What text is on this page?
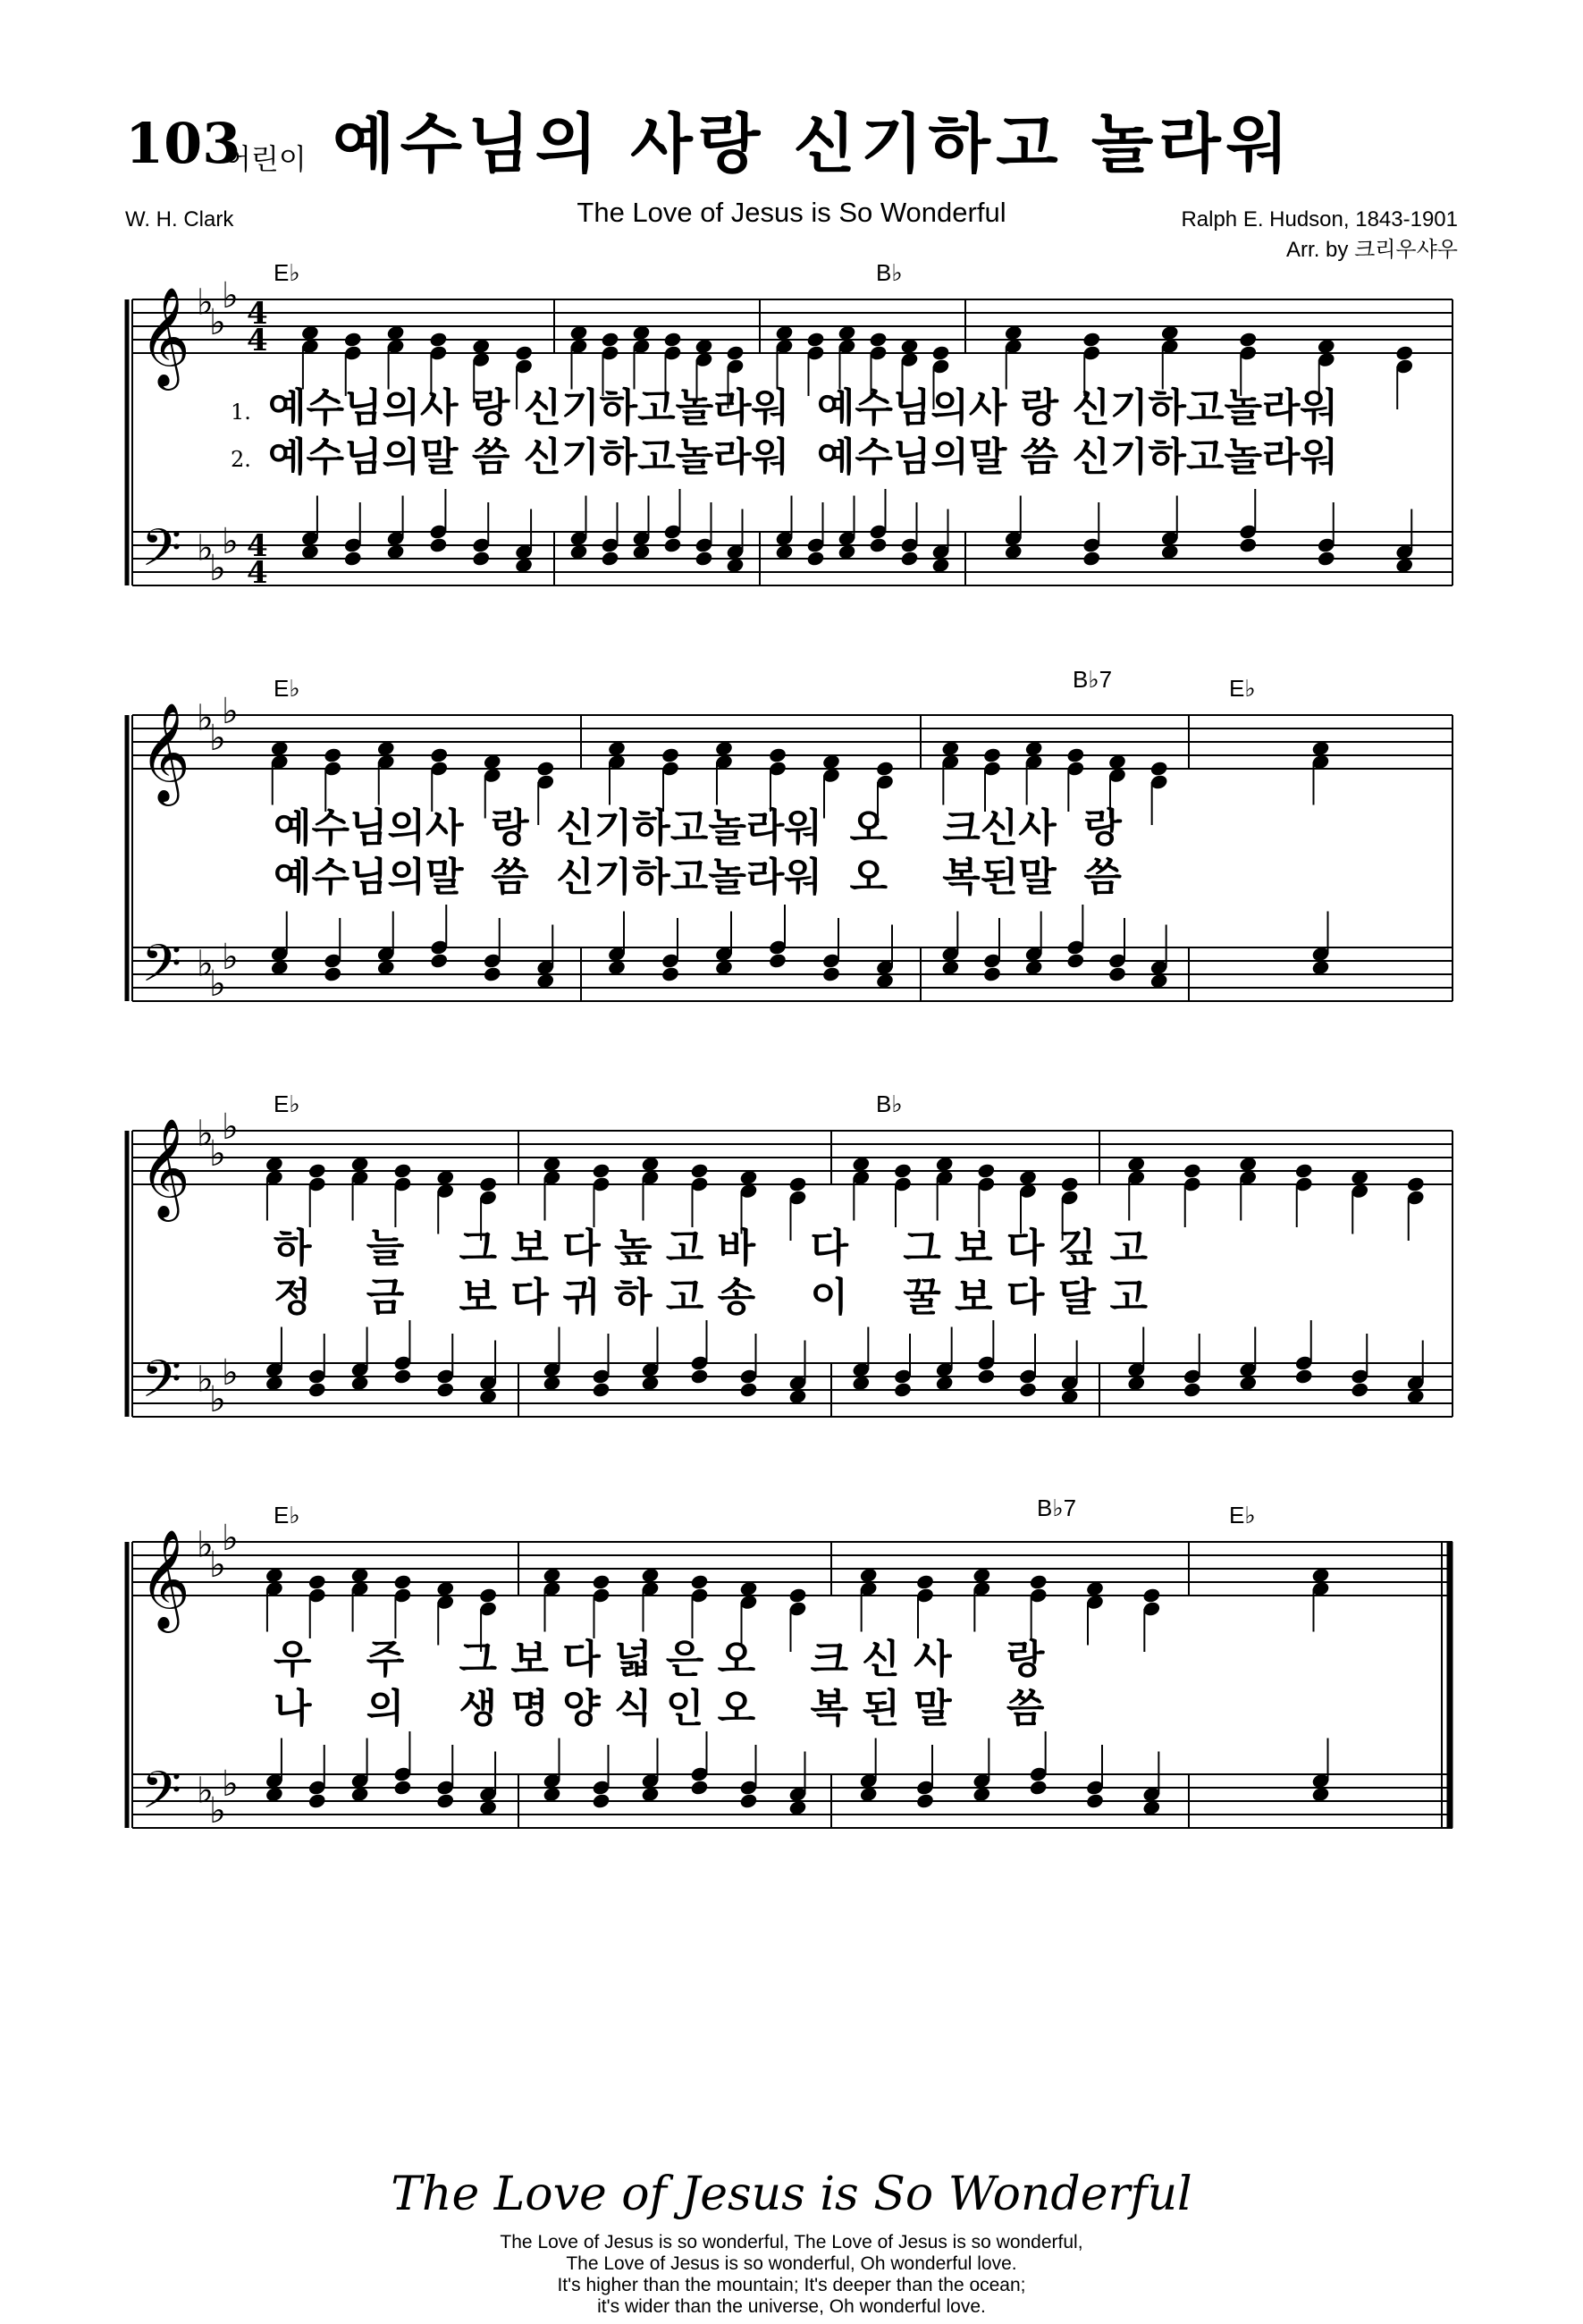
103
어린이 예수님의 사랑 신기하고 놀라워
The Love of Jesus is So Wonderful
W. H. Clark	Ralph E. Hudson, 1843-1901
Arr. by 크리우샤우
𝄞
𝄢
♭
♭
♭
♭
♭
♭
4
4
4
4
𝄞
𝄢
♭
♭
♭
♭
♭
♭
𝄞
𝄢
♭
♭
♭
♭
♭
♭
𝄞
𝄢
♭
♭
♭
♭
♭
♭
E♭	B♭
E♭	B♭7	E♭
E♭	B♭
E♭	B♭7	E♭
1.
2.
예수님의사 랑 신기하고놀라워  예수님의사 랑 신기하고놀라워
예수님의말 씀 신기하고놀라워  예수님의말 씀 신기하고놀라워
예수님의사  랑  신기하고놀라워  오    크신사  랑
예수님의말  씀  신기하고놀라워  오    복된말  씀
하    늘    그 보 다 높 고 바    다    그 보 다 깊 고
정    금    보 다 귀 하 고 송    이    꿀 보 다 달 고
우    주    그 보 다 넓 은 오    크 신 사    랑
나    의    생 명 양 식 인 오    복 된 말    씀
The Love of Jesus is So Wonderful
The Love of Jesus is so wonderful, The Love of Jesus is so wonderful,
The Love of Jesus is so wonderful, Oh wonderful love.
It's higher than the mountain; It's deeper than the ocean;
it's wider than the universe, Oh wonderful love.
